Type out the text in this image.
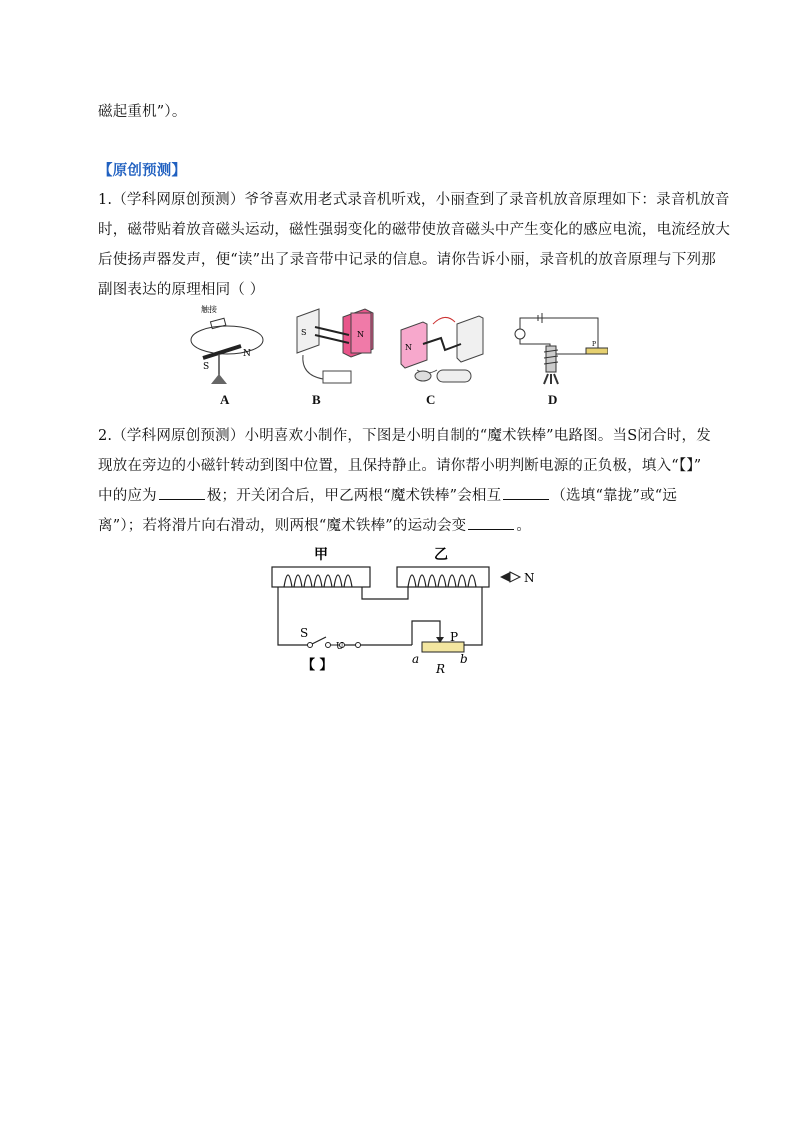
磁起重机”）。
【原创预测】
1.（学科网原创预测）爷爷喜欢用老式录音机听戏，小丽查到了录音机放音原理如下：录音机放音
时，磁带贴着放音磁头运动，磁性强弱变化的磁带使放音磁头中产生变化的感应电流，电流经放大
后使扬声器发声，便“读”出了录音带中记录的信息。请你告诉小丽，录音机的放音原理与下列那
副图表达的原理相同（ ）
触接
S
N
A
S	N
B
N
C
P
D
2.（学科网原创预测）小明喜欢小制作，下图是小明自制的“魔术铁棒”电路图。当S闭合时，发
现放在旁边的小磁针转动到图中位置，且保持静止。请你帮小明判断电源的正负极，填入“【】”
中的应为	极；开关闭合后，甲乙两根“魔术铁棒”会相互	（选填“靠拢”或“远
离”）；若将滑片向右滑动，则两根“魔术铁棒”的运动会变	。
甲	乙
N
S
U
P
a	b
R
【 】
